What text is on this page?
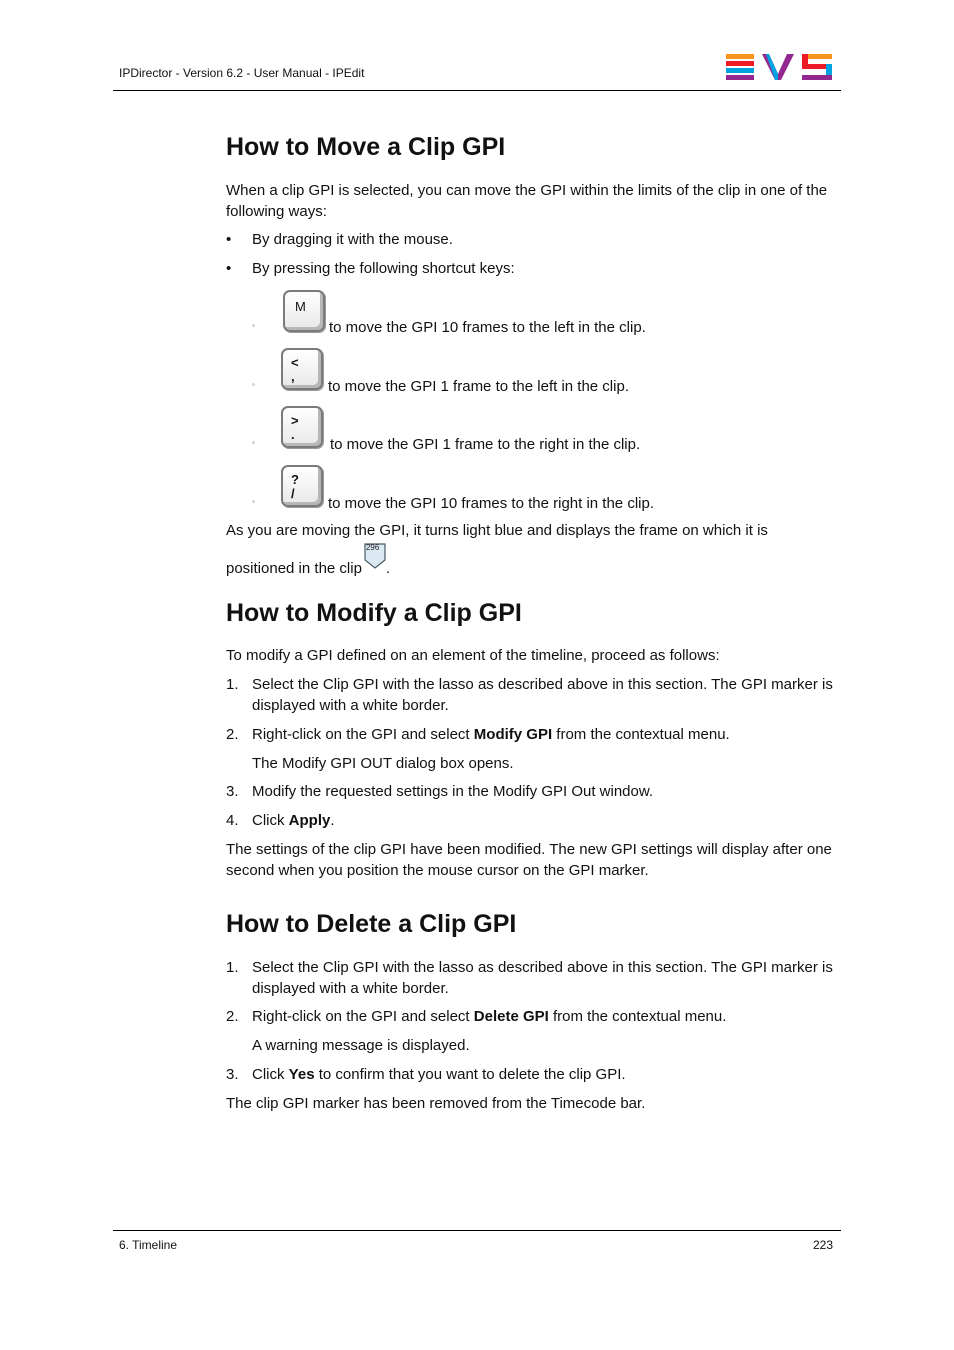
IPDirector - Version 6.2 - User Manual - IPEdit
How to Move a Clip GPI
When a clip GPI is selected, you can move the GPI within the limits of the clip in one of the following ways:
• By dragging it with the mouse.
• By pressing the following shortcut keys:
◦
M
to move the GPI 10 frames to the left in the clip.
◦
<
,
to move the GPI 1 frame to the left in the clip.
◦
>
.
to move the GPI 1 frame to the right in the clip.
◦
?
/
to move the GPI 10 frames to the right in the clip.
As you are moving the GPI, it turns light blue and displays the frame on which it is
positioned in the clip
296
.
How to Modify a Clip GPI
To modify a GPI defined on an element of the timeline, proceed as follows:
1. Select the Clip GPI with the lasso as described above in this section. The GPI marker is displayed with a white border.
2. Right-click on the GPI and select Modify GPI from the contextual menu.
The Modify GPI OUT dialog box opens.
3. Modify the requested settings in the Modify GPI Out window.
4. Click Apply.
The settings of the clip GPI have been modified. The new GPI settings will display after one second when you position the mouse cursor on the GPI marker.
How to Delete a Clip GPI
1. Select the Clip GPI with the lasso as described above in this section. The GPI marker is displayed with a white border.
2. Right-click on the GPI and select Delete GPI from the contextual menu.
A warning message is displayed.
3. Click Yes to confirm that you want to delete the clip GPI.
The clip GPI marker has been removed from the Timecode bar.
6. Timeline	223
